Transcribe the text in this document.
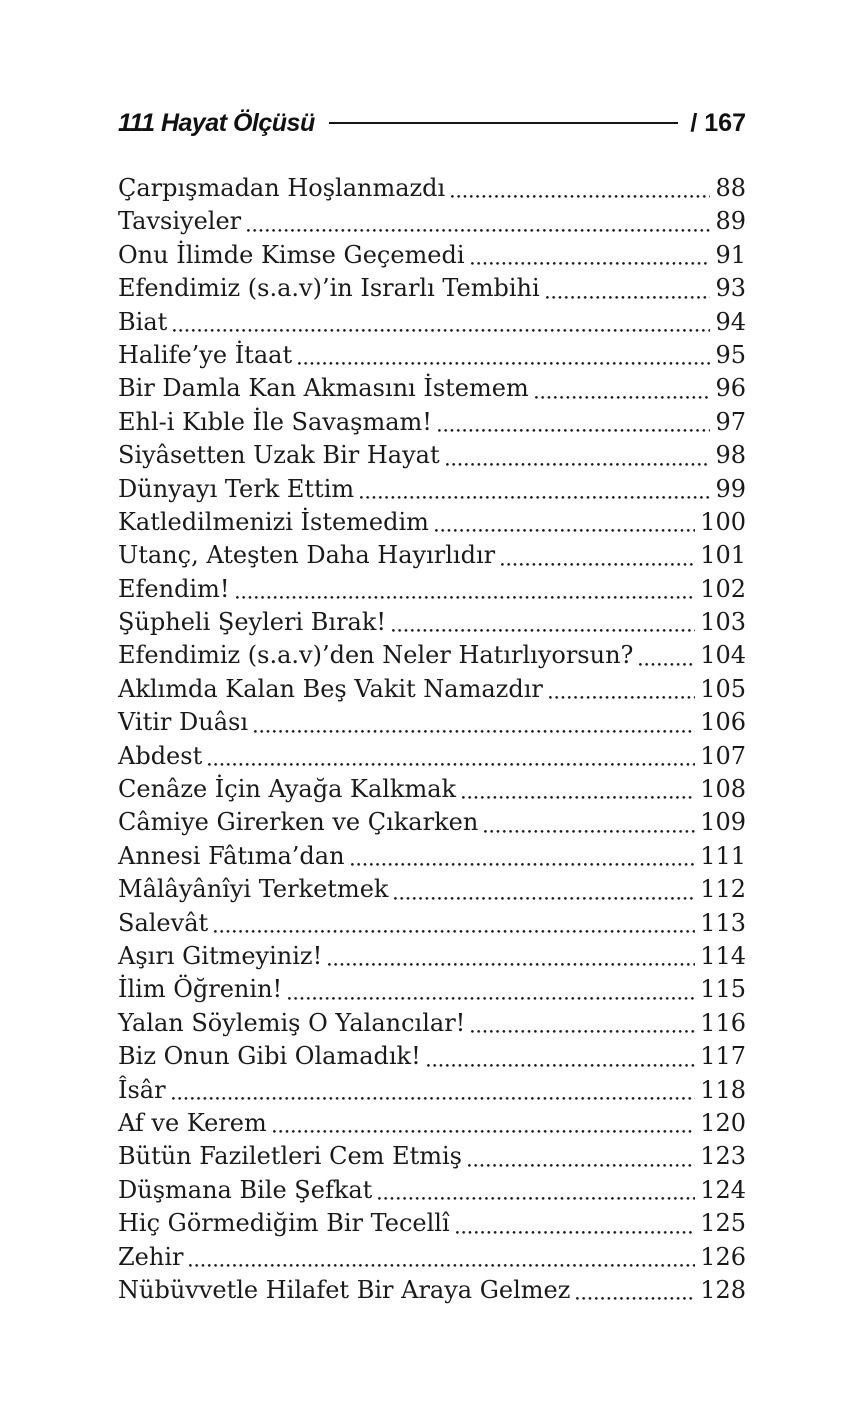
111 Hayat Ölçüsü	/ 167
Çarpışmadan Hoşlanmazdı	88
Tavsiyeler	89
Onu İlimde Kimse Geçemedi	91
Efendimiz (s.a.v)’in Israrlı Tembihi	93
Biat	94
Halife’ye İtaat	95
Bir Damla Kan Akmasını İstemem	96
Ehl-i Kıble İle Savaşmam!	97
Siyâsetten Uzak Bir Hayat	98
Dünyayı Terk Ettim	99
Katledilmenizi İstemedim	100
Utanç, Ateşten Daha Hayırlıdır	101
Efendim!	102
Şüpheli Şeyleri Bırak!	103
Efendimiz (s.a.v)’den Neler Hatırlıyorsun?	104
Aklımda Kalan Beş Vakit Namazdır	105
Vitir Duâsı	106
Abdest	107
Cenâze İçin Ayağa Kalkmak	108
Câmiye Girerken ve Çıkarken	109
Annesi Fâtıma’dan	111
Mâlâyânîyi Terketmek	112
Salevât	113
Aşırı Gitmeyiniz!	114
İlim Öğrenin!	115
Yalan Söylemiş O Yalancılar!	116
Biz Onun Gibi Olamadık!	117
Îsâr	118
Af ve Kerem	120
Bütün Faziletleri Cem Etmiş	123
Düşmana Bile Şefkat	124
Hiç Görmediğim Bir Tecellî	125
Zehir	126
Nübüvvetle Hilafet Bir Araya Gelmez	128
